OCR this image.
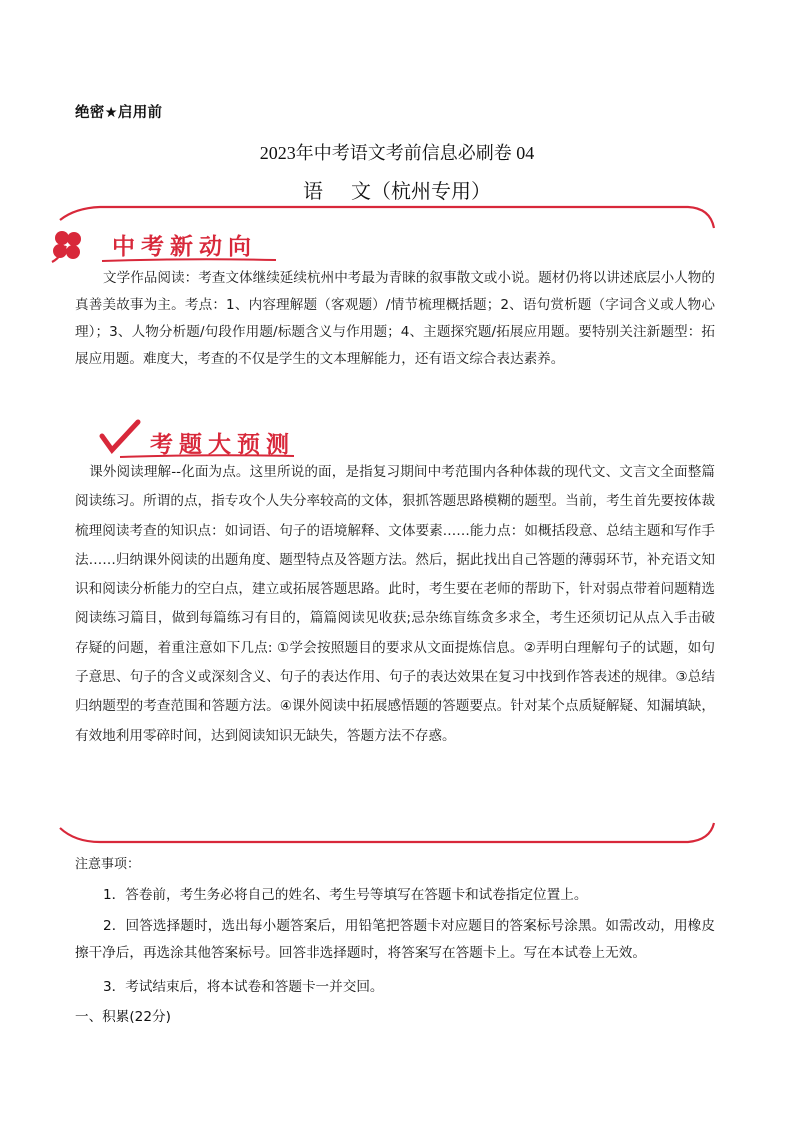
绝密★启用前
2023年中考语文考前信息必刷卷 04
语 文（杭州专用）
中考新动向
文学作品阅读：考查文体继续延续杭州中考最为青睐的叙事散文或小说。题材仍将以讲述底层小人物的真善美故事为主。考点：1、内容理解题（客观题）/情节梳理概括题；2、语句赏析题（字词含义或人物心理）；3、人物分析题/句段作用题/标题含义与作用题；4、主题探究题/拓展应用题。要特别关注新题型：拓展应用题。难度大，考查的不仅是学生的文本理解能力，还有语文综合表达素养。
考题大预测
课外阅读理解--化面为点。这里所说的面，是指复习期间中考范围内各种体裁的现代文、文言文全面整篇阅读练习。所谓的点，指专攻个人失分率较高的文体，狠抓答题思路模糊的题型。当前，考生首先要按体裁梳理阅读考查的知识点：如词语、句子的语境解释、文体要素……能力点：如概括段意、总结主题和写作手法……归纳课外阅读的出题角度、题型特点及答题方法。然后，据此找出自己答题的薄弱环节，补充语文知识和阅读分析能力的空白点，建立或拓展答题思路。此时，考生要在老师的帮助下，针对弱点带着问题精选阅读练习篇目，做到每篇练习有目的，篇篇阅读见收获;忌杂练盲练贪多求全，考生还须切记从点入手击破存疑的问题，着重注意如下几点: ①学会按照题目的要求从文面提炼信息。②弄明白理解句子的试题，如句子意思、句子的含义或深刻含义、句子的表达作用、句子的表达效果在复习中找到作答表述的规律。③总结归纳题型的考查范围和答题方法。④课外阅读中拓展感悟题的答题要点。针对某个点质疑解疑、知漏填缺，有效地利用零碎时间，达到阅读知识无缺失，答题方法不存惑。
注意事项：
1．答卷前，考生务必将自己的姓名、考生号等填写在答题卡和试卷指定位置上。
2．回答选择题时，选出每小题答案后，用铅笔把答题卡对应题目的答案标号涂黑。如需改动，用橡皮擦干净后，再选涂其他答案标号。回答非选择题时，将答案写在答题卡上。写在本试卷上无效。
3．考试结束后，将本试卷和答题卡一并交回。
一、积累(22分)
